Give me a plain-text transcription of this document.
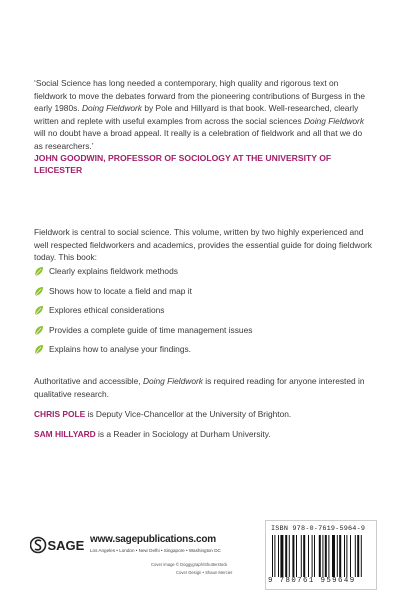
‘Social Science has long needed a contemporary, high quality and rigorous text on fieldwork to move the debates forward from the pioneering contributions of Burgess in the early 1980s. Doing Fieldwork by Pole and Hillyard is that book. Well-researched, clearly written and replete with useful examples from across the social sciences Doing Fieldwork will no doubt have a broad appeal. It really is a celebration of fieldwork and all that we do as researchers.’
JOHN GOODWIN, PROFESSOR OF SOCIOLOGY AT THE UNIVERSITY OF LEICESTER
Fieldwork is central to social science. This volume, written by two highly experienced and well respected fieldworkers and academics, provides the essential guide for doing fieldwork today. This book:
Clearly explains fieldwork methods
Shows how to locate a field and map it
Explores ethical considerations
Provides a complete guide of time management issues
Explains how to analyse your findings.
Authoritative and accessible, Doing Fieldwork is required reading for anyone interested in qualitative research.
CHRIS POLE is Deputy Vice-Chancellor at the University of Brighton.
SAM HILLYARD is a Reader in Sociology at Durham University.
SAGE www.sagepublications.com
Los Angeles • London • New Delhi • Singapore • Washington DC
Cover image © Doggygraph/Shutterstock
Cover Design • Shaun Mercier
ISBN 978-0-7619-5964-9
9 780761 959649
